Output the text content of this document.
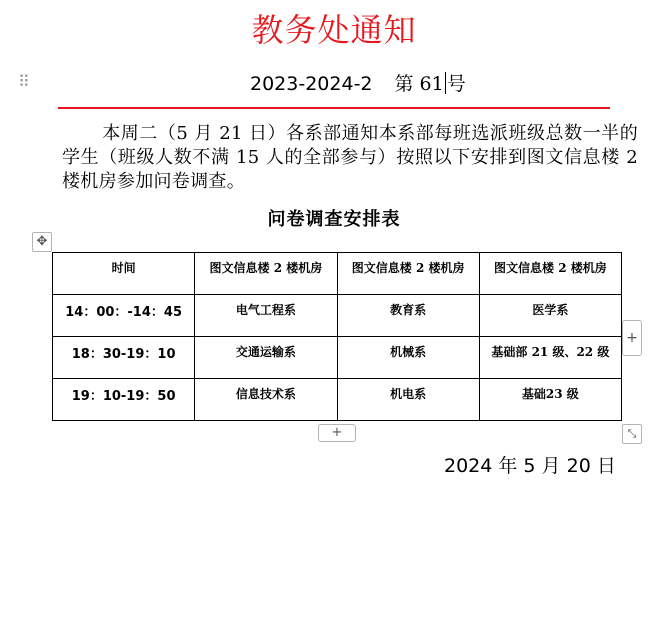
教务处通知
⠿	2023-2024-2 第 61 号
本周二（5 月 21 日）各系部通知本系部每班选派班级总数一半的学生（班级人数不满 15 人的全部参与）按照以下安排到图文信息楼 2 楼机房参加问卷调查。
问卷调查安排表
✥
时间	图文信息楼 2 楼机房	图文信息楼 2 楼机房	图文信息楼 2 楼机房
14：00：-14：45	电气工程系	教育系	医学系
18：30-19：10	交通运输系	机械系	基础部 21 级、22 级
19：10-19：50	信息技术系	机电系	基础23 级
+
+	⤡
2024 年 5 月 20 日
